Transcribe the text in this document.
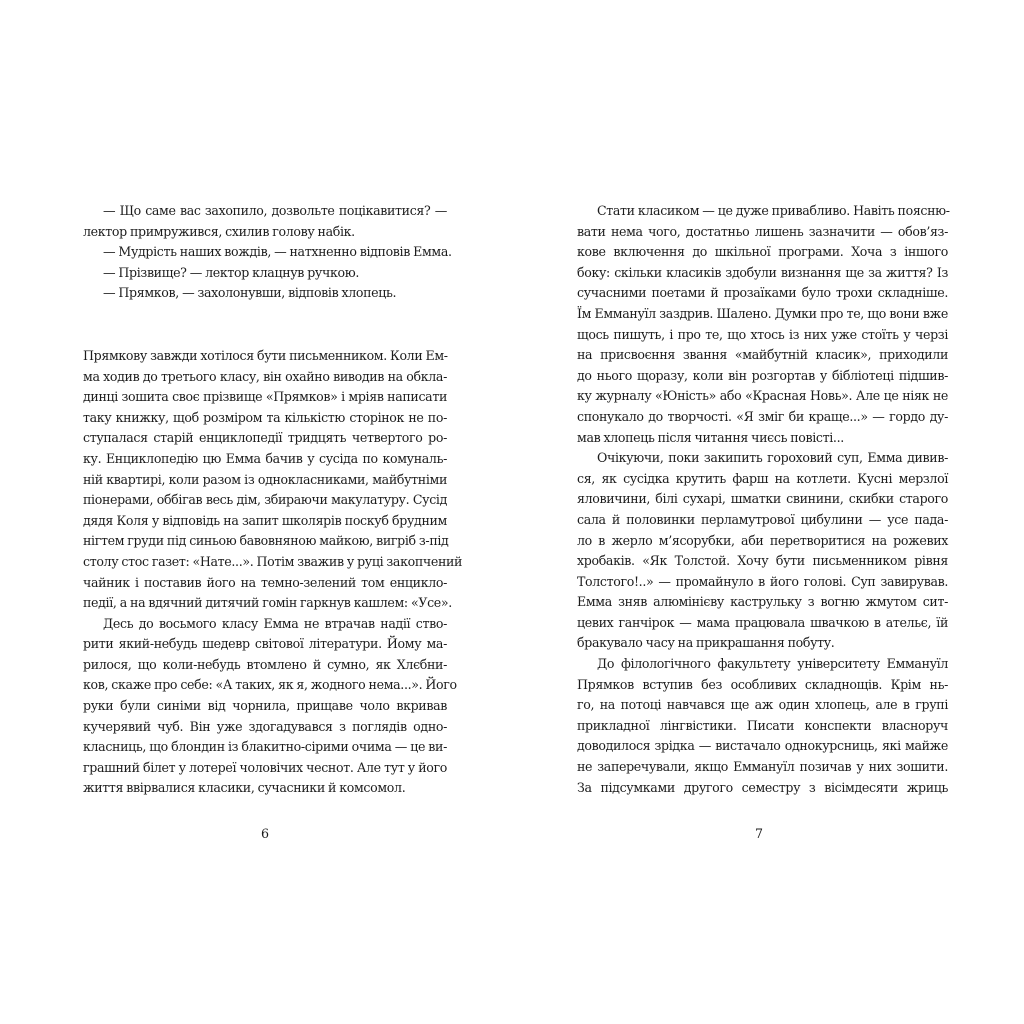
— Що саме вас захопило, дозвольте поцікавитися? —
лектор примружився, схилив голову набік.
— Мудрість наших вождів, — натхненно відповів Емма.
— Прізвище? — лектор клацнув ручкою.
— Прямков, — захолонувши, відповів хлопець.
Прямкову завжди хотілося бути письменником. Коли Ем-
ма ходив до третього класу, він охайно виводив на обкла-
динці зошита своє прізвище «Прямков» і мріяв написати
таку книжку, щоб розміром та кількістю сторінок не по-
ступалася старій енциклопедії тридцять четвертого ро-
ку. Енциклопедію цю Емма бачив у сусіда по комуналь-
ній квартирі, коли разом із однокласниками, майбутніми
піонерами, оббігав весь дім, збираючи макулатуру. Сусід
дядя Коля у відповідь на запит школярів поскуб брудним
нігтем груди під синьою бавовняною майкою, вигріб з-під
столу стос газет: «Нате...». Потім зважив у руці закопчений
чайник і поставив його на темно-зелений том енцикло-
педії, а на вдячний дитячий гомін гаркнув кашлем: «Усе».
Десь до восьмого класу Емма не втрачав надії ство-
рити який-небудь шедевр світової літератури. Йому ма-
рилося, що коли-небудь втомлено й сумно, як Хлєбни-
ков, скаже про себе: «А таких, як я, жодного нема...». Його
руки були синіми від чорнила, прищаве чоло вкривав
кучерявий чуб. Він уже здогадувався з поглядів одно-
класниць, що блондин із блакитно-сірими очима — це ви-
грашний білет у лотереї чоловічих чеснот. Але тут у його
життя ввірвалися класики, сучасники й комсомол.
6
Стати класиком — це дуже привабливо. Навіть поясню-
вати нема чого, достатньо лишень зазначити — обов’яз-
кове включення до шкільної програми. Хоча з іншого
боку: скільки класиків здобули визнання ще за життя? Із
сучасними поетами й прозаїками було трохи складніше.
Їм Еммануїл заздрив. Шалено. Думки про те, що вони вже
щось пишуть, і про те, що хтось із них уже стоїть у черзі
на присвоєння звання «майбутній класик», приходили
до нього щоразу, коли він розгортав у бібліотеці підшив-
ку журналу «Юність» або «Красная Новь». Але це ніяк не
спонукало до творчості. «Я зміг би краще...» — гордо ду-
мав хлопець після читання чиєсь повісті...
Очікуючи, поки закипить гороховий суп, Емма дивив-
ся, як сусідка крутить фарш на котлети. Кусні мерзлої
яловичини, білі сухарі, шматки свинини, скибки старого
сала й половинки перламутрової цибулини — усе пада-
ло в жерло м’ясорубки, аби перетворитися на рожевих
хробаків. «Як Толстой. Хочу бути письменником рівня
Толстого!..» — промайнуло в його голові. Суп завирував.
Емма зняв алюмінієву каструльку з вогню жмутом сит-
цевих ганчірок — мама працювала швачкою в ательє, їй
бракувало часу на прикрашання побуту.
До філологічного факультету університету Еммануїл
Прямков вступив без особливих складнощів. Крім нь-
го, на потоці навчався ще аж один хлопець, але в групі
прикладної лінгвістики. Писати конспекти власноруч
доводилося зрідка — вистачало однокурсниць, які майже
не заперечували, якщо Еммануїл позичав у них зошити.
За підсумками другого семестру з вісімдесяти жриць
7
